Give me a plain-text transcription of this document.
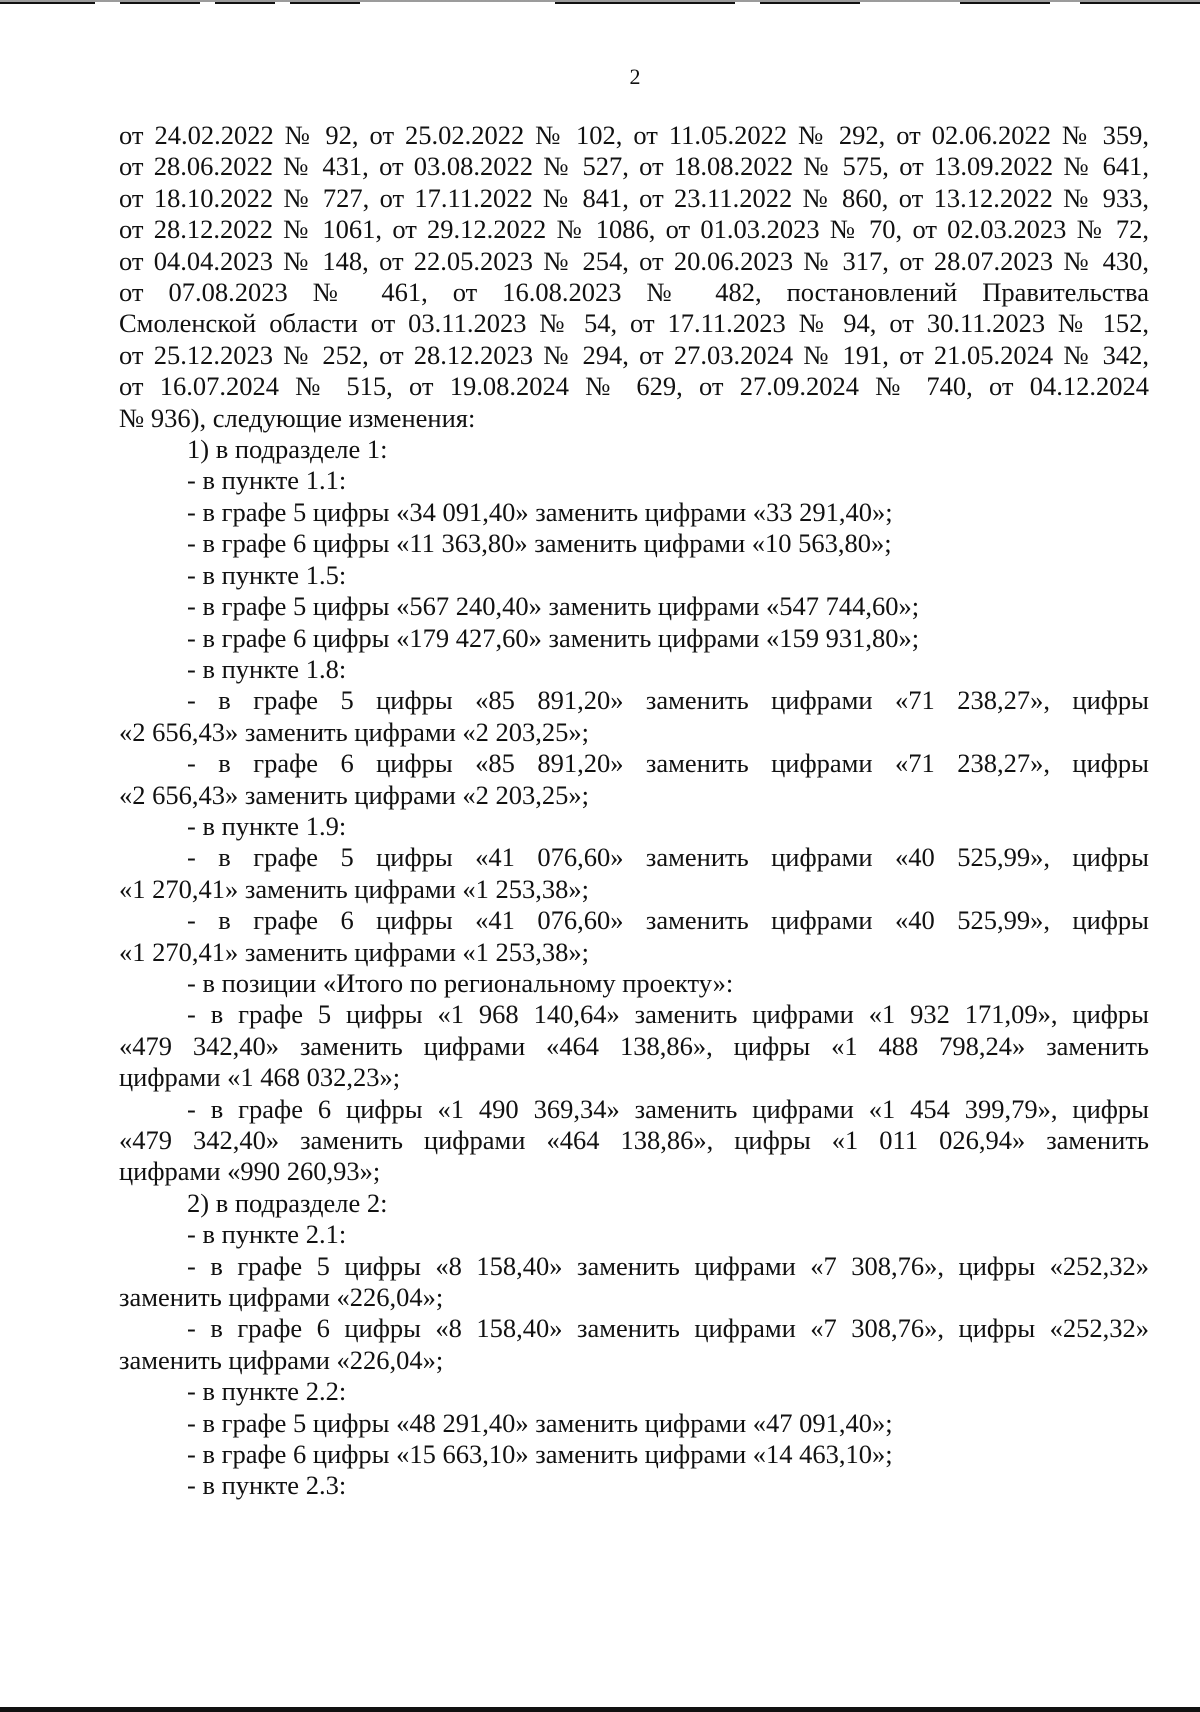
2
от 24.02.2022 № 92, от 25.02.2022 № 102, от 11.05.2022 № 292, от 02.06.2022 № 359,
от 28.06.2022 № 431, от 03.08.2022 № 527, от 18.08.2022 № 575, от 13.09.2022 № 641,
от 18.10.2022 № 727, от 17.11.2022 № 841, от 23.11.2022 № 860, от 13.12.2022 № 933,
от 28.12.2022 № 1061, от 29.12.2022 № 1086, от 01.03.2023 № 70, от 02.03.2023 № 72,
от 04.04.2023 № 148, от 22.05.2023 № 254, от 20.06.2023 № 317, от 28.07.2023 № 430,
от 07.08.2023 № 461, от 16.08.2023 № 482, постановлений Правительства
Смоленской области от 03.11.2023 № 54, от 17.11.2023 № 94, от 30.11.2023 № 152,
от 25.12.2023 № 252, от 28.12.2023 № 294, от 27.03.2024 № 191, от 21.05.2024 № 342,
от 16.07.2024 № 515, от 19.08.2024 № 629, от 27.09.2024 № 740, от 04.12.2024
№ 936), следующие изменения:
1) в подразделе 1:
- в пункте 1.1:
- в графе 5 цифры «34 091,40» заменить цифрами «33 291,40»;
- в графе 6 цифры «11 363,80» заменить цифрами «10 563,80»;
- в пункте 1.5:
- в графе 5 цифры «567 240,40» заменить цифрами «547 744,60»;
- в графе 6 цифры «179 427,60» заменить цифрами «159 931,80»;
- в пункте 1.8:
- в графе 5 цифры «85 891,20» заменить цифрами «71 238,27», цифры
«2 656,43» заменить цифрами «2 203,25»;
- в графе 6 цифры «85 891,20» заменить цифрами «71 238,27», цифры
«2 656,43» заменить цифрами «2 203,25»;
- в пункте 1.9:
- в графе 5 цифры «41 076,60» заменить цифрами «40 525,99», цифры
«1 270,41» заменить цифрами «1 253,38»;
- в графе 6 цифры «41 076,60» заменить цифрами «40 525,99», цифры
«1 270,41» заменить цифрами «1 253,38»;
- в позиции «Итого по региональному проекту»:
- в графе 5 цифры «1 968 140,64» заменить цифрами «1 932 171,09», цифры
«479 342,40» заменить цифрами «464 138,86», цифры «1 488 798,24» заменить
цифрами «1 468 032,23»;
- в графе 6 цифры «1 490 369,34» заменить цифрами «1 454 399,79», цифры
«479 342,40» заменить цифрами «464 138,86», цифры «1 011 026,94» заменить
цифрами «990 260,93»;
2) в подразделе 2:
- в пункте 2.1:
- в графе 5 цифры «8 158,40» заменить цифрами «7 308,76», цифры «252,32»
заменить цифрами «226,04»;
- в графе 6 цифры «8 158,40» заменить цифрами «7 308,76», цифры «252,32»
заменить цифрами «226,04»;
- в пункте 2.2:
- в графе 5 цифры «48 291,40» заменить цифрами «47 091,40»;
- в графе 6 цифры «15 663,10» заменить цифрами «14 463,10»;
- в пункте 2.3:
